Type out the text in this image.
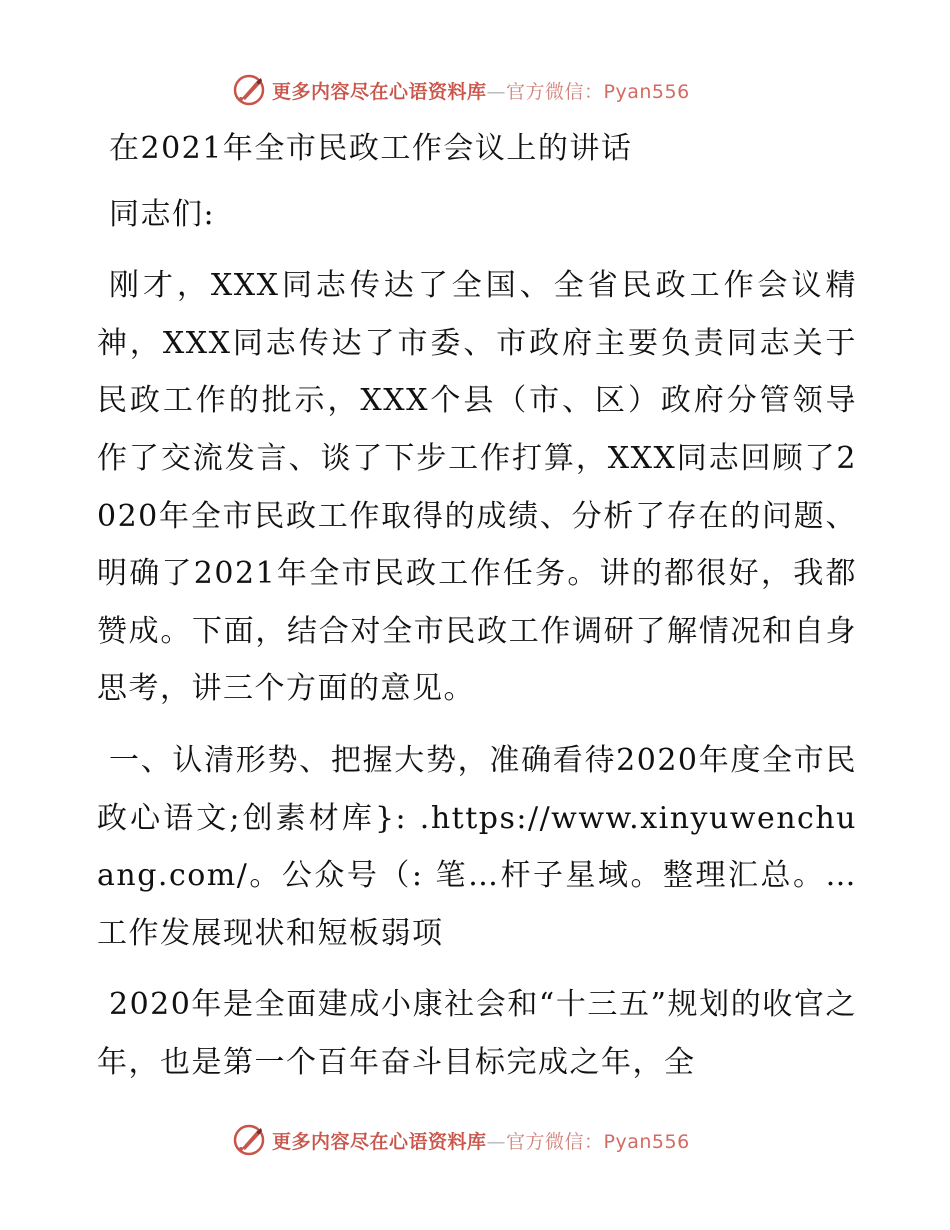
更多内容尽在心语资料库—官方微信：Pyan556

在2021年全市民政工作会议上的讲话

同志们:

刚才，XXX同志传达了全国、全省民政工作会议精神，XXX同志传达了市委、市政府主要负责同志关于民政工作的批示，XXX个县（市、区）政府分管领导作了交流发言、谈了下步工作打算，XXX同志回顾了2020年全市民政工作取得的成绩、分析了存在的问题、明确了2021年全市民政工作任务。讲的都很好，我都赞成。下面，结合对全市民政工作调研了解情况和自身思考，讲三个方面的意见。

一、认清形势、把握大势，准确看待2020年度全市民政心语文;创素材库}: .https://www.xinyuwenchuang.com/。公众号（: 笔…杆子星域。整理汇总。…工作发展现状和短板弱项

2020年是全面建成小康社会和“十三五”规划的收官之年，也是第一个百年奋斗目标完成之年，全

更多内容尽在心语资料库—官方微信：Pyan556
